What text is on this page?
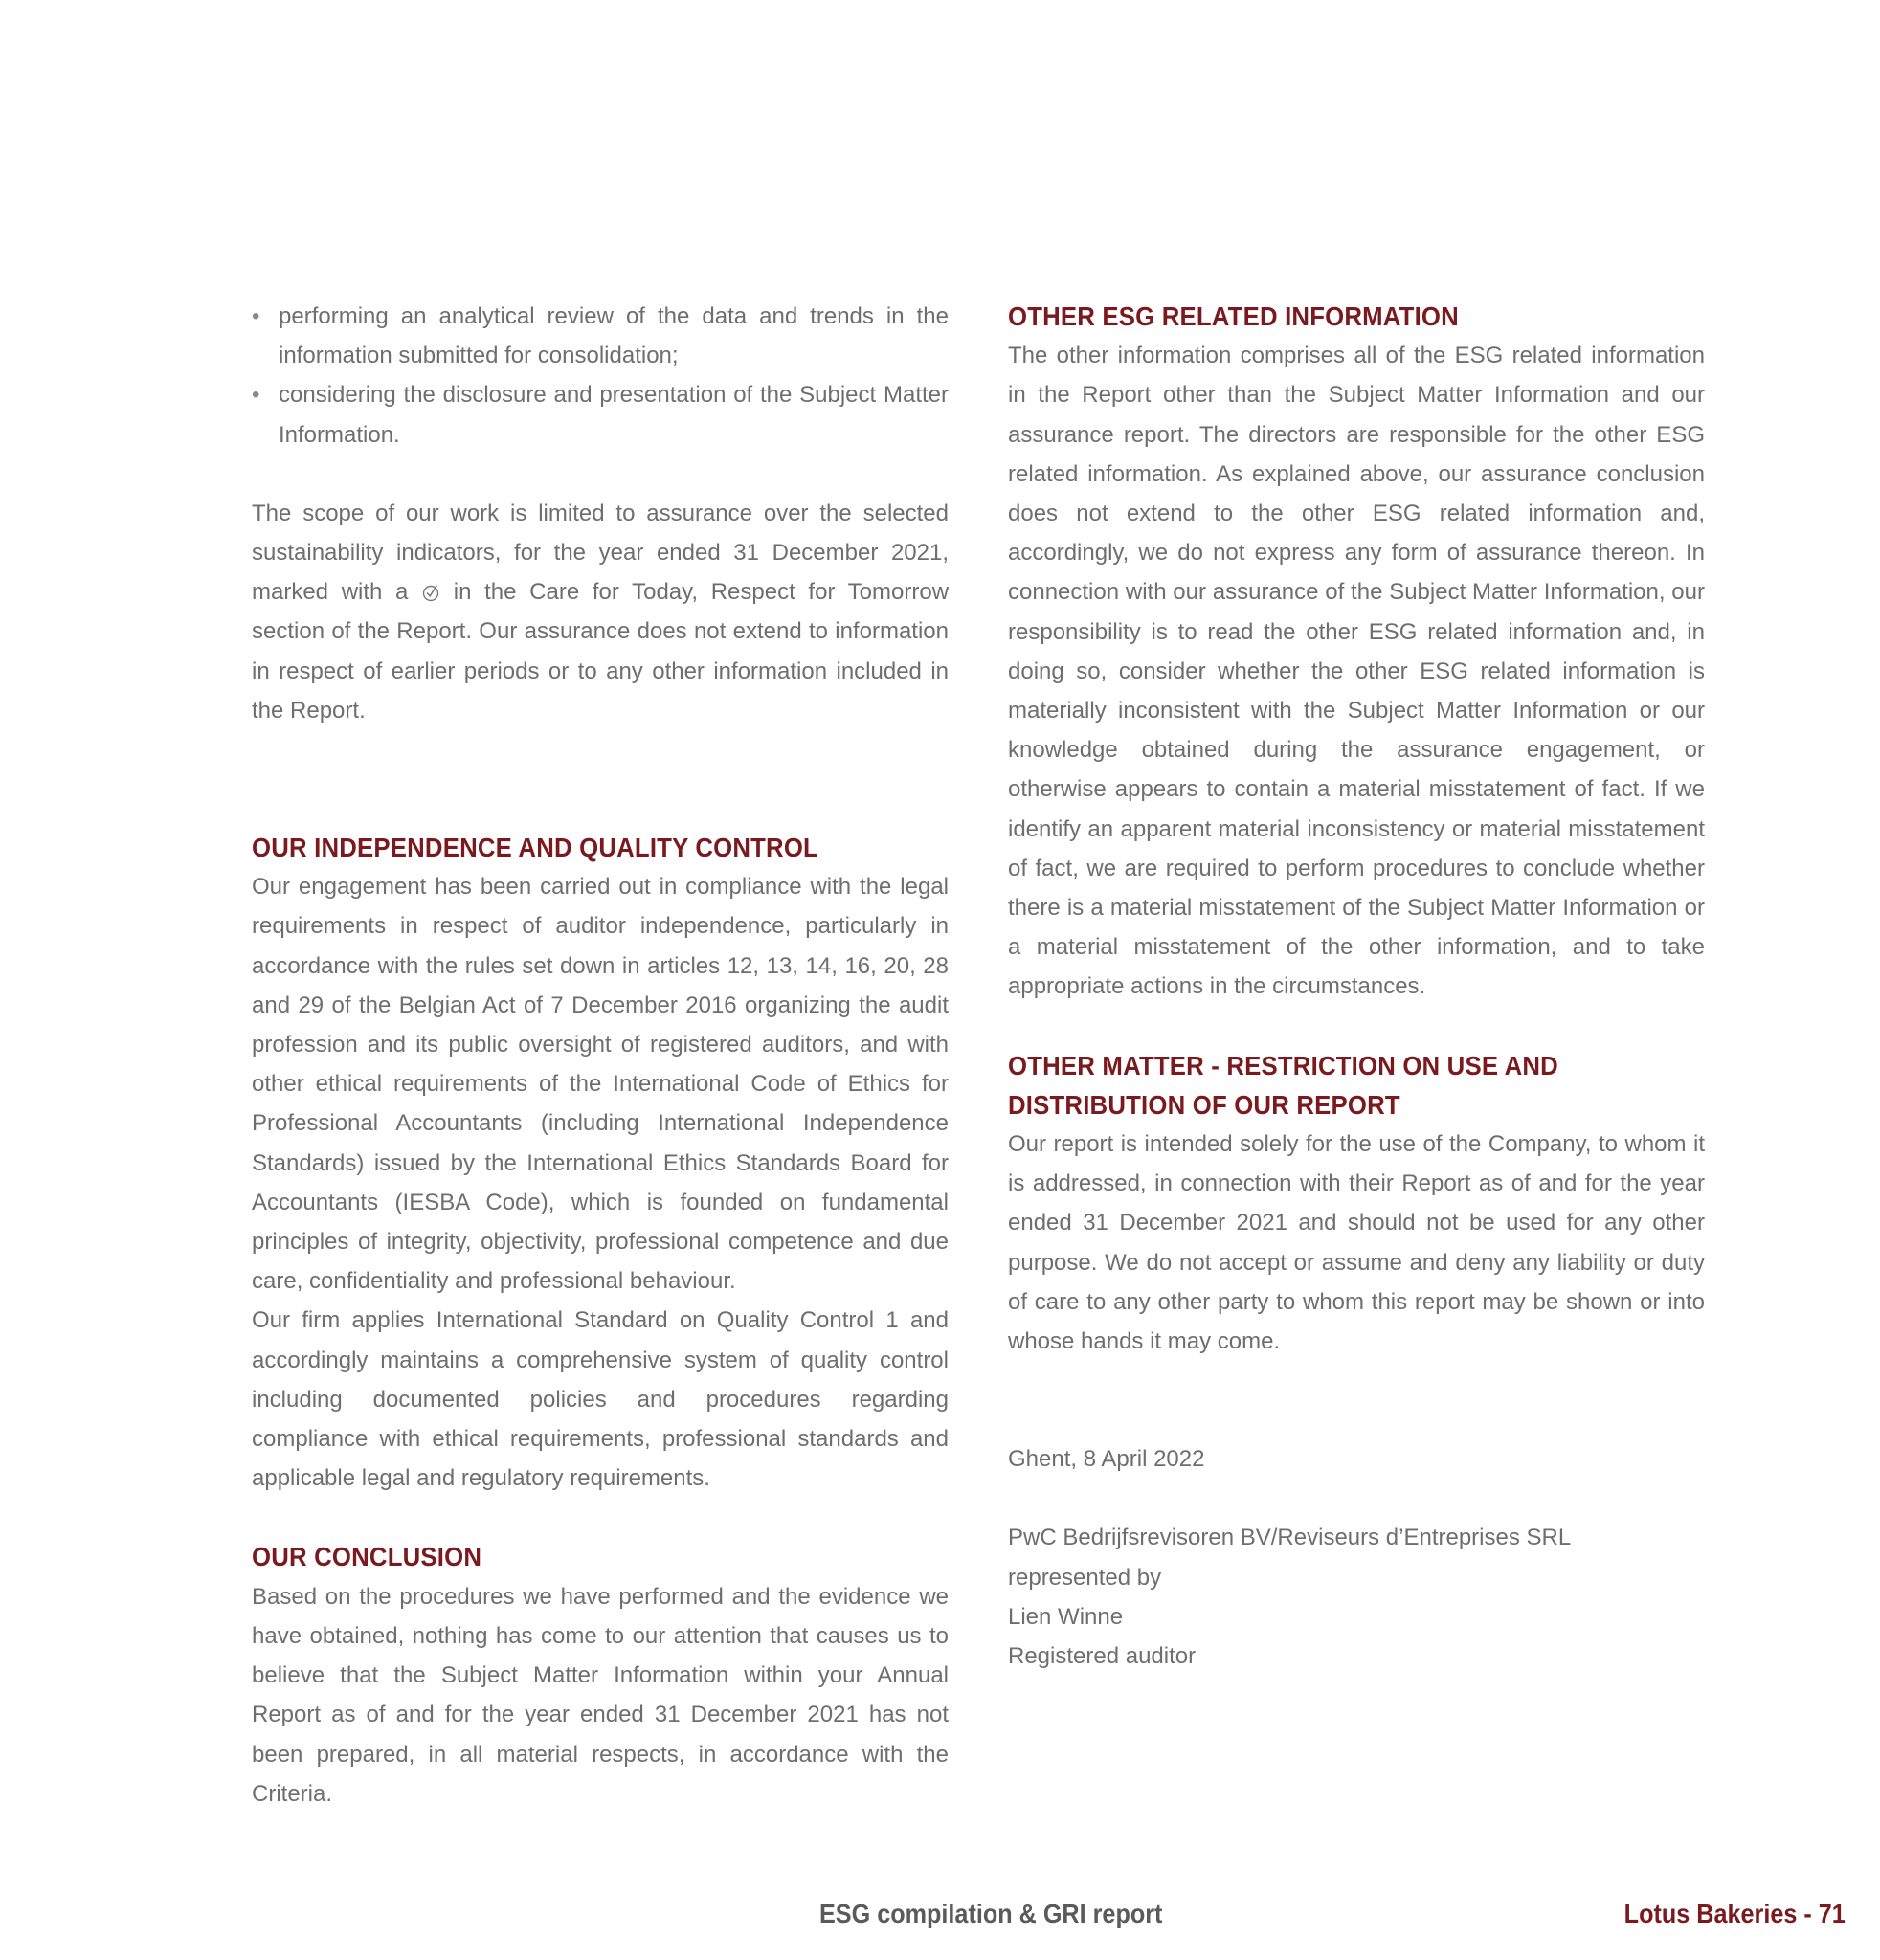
• performing an analytical review of the data and trends in the information submitted for consolidation;
• considering the disclosure and presentation of the Subject Matter Information.

The scope of our work is limited to assurance over the selected sustainability indicators, for the year ended 31 December 2021, marked with a in the Care for Today, Respect for Tomorrow section of the Report. Our assurance does not extend to information in respect of earlier periods or to any other information included in the Report.

OUR INDEPENDENCE AND QUALITY CONTROL

Our engagement has been carried out in compliance with the legal requirements in respect of auditor independence, particularly in accordance with the rules set down in articles 12, 13, 14, 16, 20, 28 and 29 of the Belgian Act of 7 December 2016 organizing the audit profession and its public oversight of registered auditors, and with other ethical requirements of the International Code of Ethics for Professional Accountants (including International Independence Standards) issued by the International Ethics Standards Board for Accountants (IESBA Code), which is founded on fundamental principles of integrity, objectivity, professional competence and due care, confidentiality and professional behaviour.

Our firm applies International Standard on Quality Control 1 and accordingly maintains a comprehensive system of quality control including documented policies and procedures regarding compliance with ethical requirements, professional standards and applicable legal and regulatory requirements.

OUR CONCLUSION

Based on the procedures we have performed and the evidence we have obtained, nothing has come to our attention that causes us to believe that the Subject Matter Information within your Annual Report as of and for the year ended 31 December 2021 has not been prepared, in all material respects, in accordance with the Criteria.

OTHER ESG RELATED INFORMATION

The other information comprises all of the ESG related information in the Report other than the Subject Matter Information and our assurance report. The directors are responsible for the other ESG related information. As explained above, our assurance conclusion does not extend to the other ESG related information and, accordingly, we do not express any form of assurance thereon. In connection with our assurance of the Subject Matter Information, our responsibility is to read the other ESG related information and, in doing so, consider whether the other ESG related information is materially inconsistent with the Subject Matter Information or our knowledge obtained during the assurance engagement, or otherwise appears to contain a material misstatement of fact. If we identify an apparent material inconsistency or material misstatement of fact, we are required to perform procedures to conclude whether there is a material misstatement of the Subject Matter Information or a material misstatement of the other information, and to take appropriate actions in the circumstances.

OTHER MATTER - RESTRICTION ON USE AND DISTRIBUTION OF OUR REPORT

Our report is intended solely for the use of the Company, to whom it is addressed, in connection with their Report as of and for the year ended 31 December 2021 and should not be used for any other purpose. We do not accept or assume and deny any liability or duty of care to any other party to whom this report may be shown or into whose hands it may come.

Ghent, 8 April 2022

PwC Bedrijfsrevisoren BV/Reviseurs d’Entreprises SRL

represented by

Lien Winne

Registered auditor

ESG compilation & GRI report	Lotus Bakeries - 71
